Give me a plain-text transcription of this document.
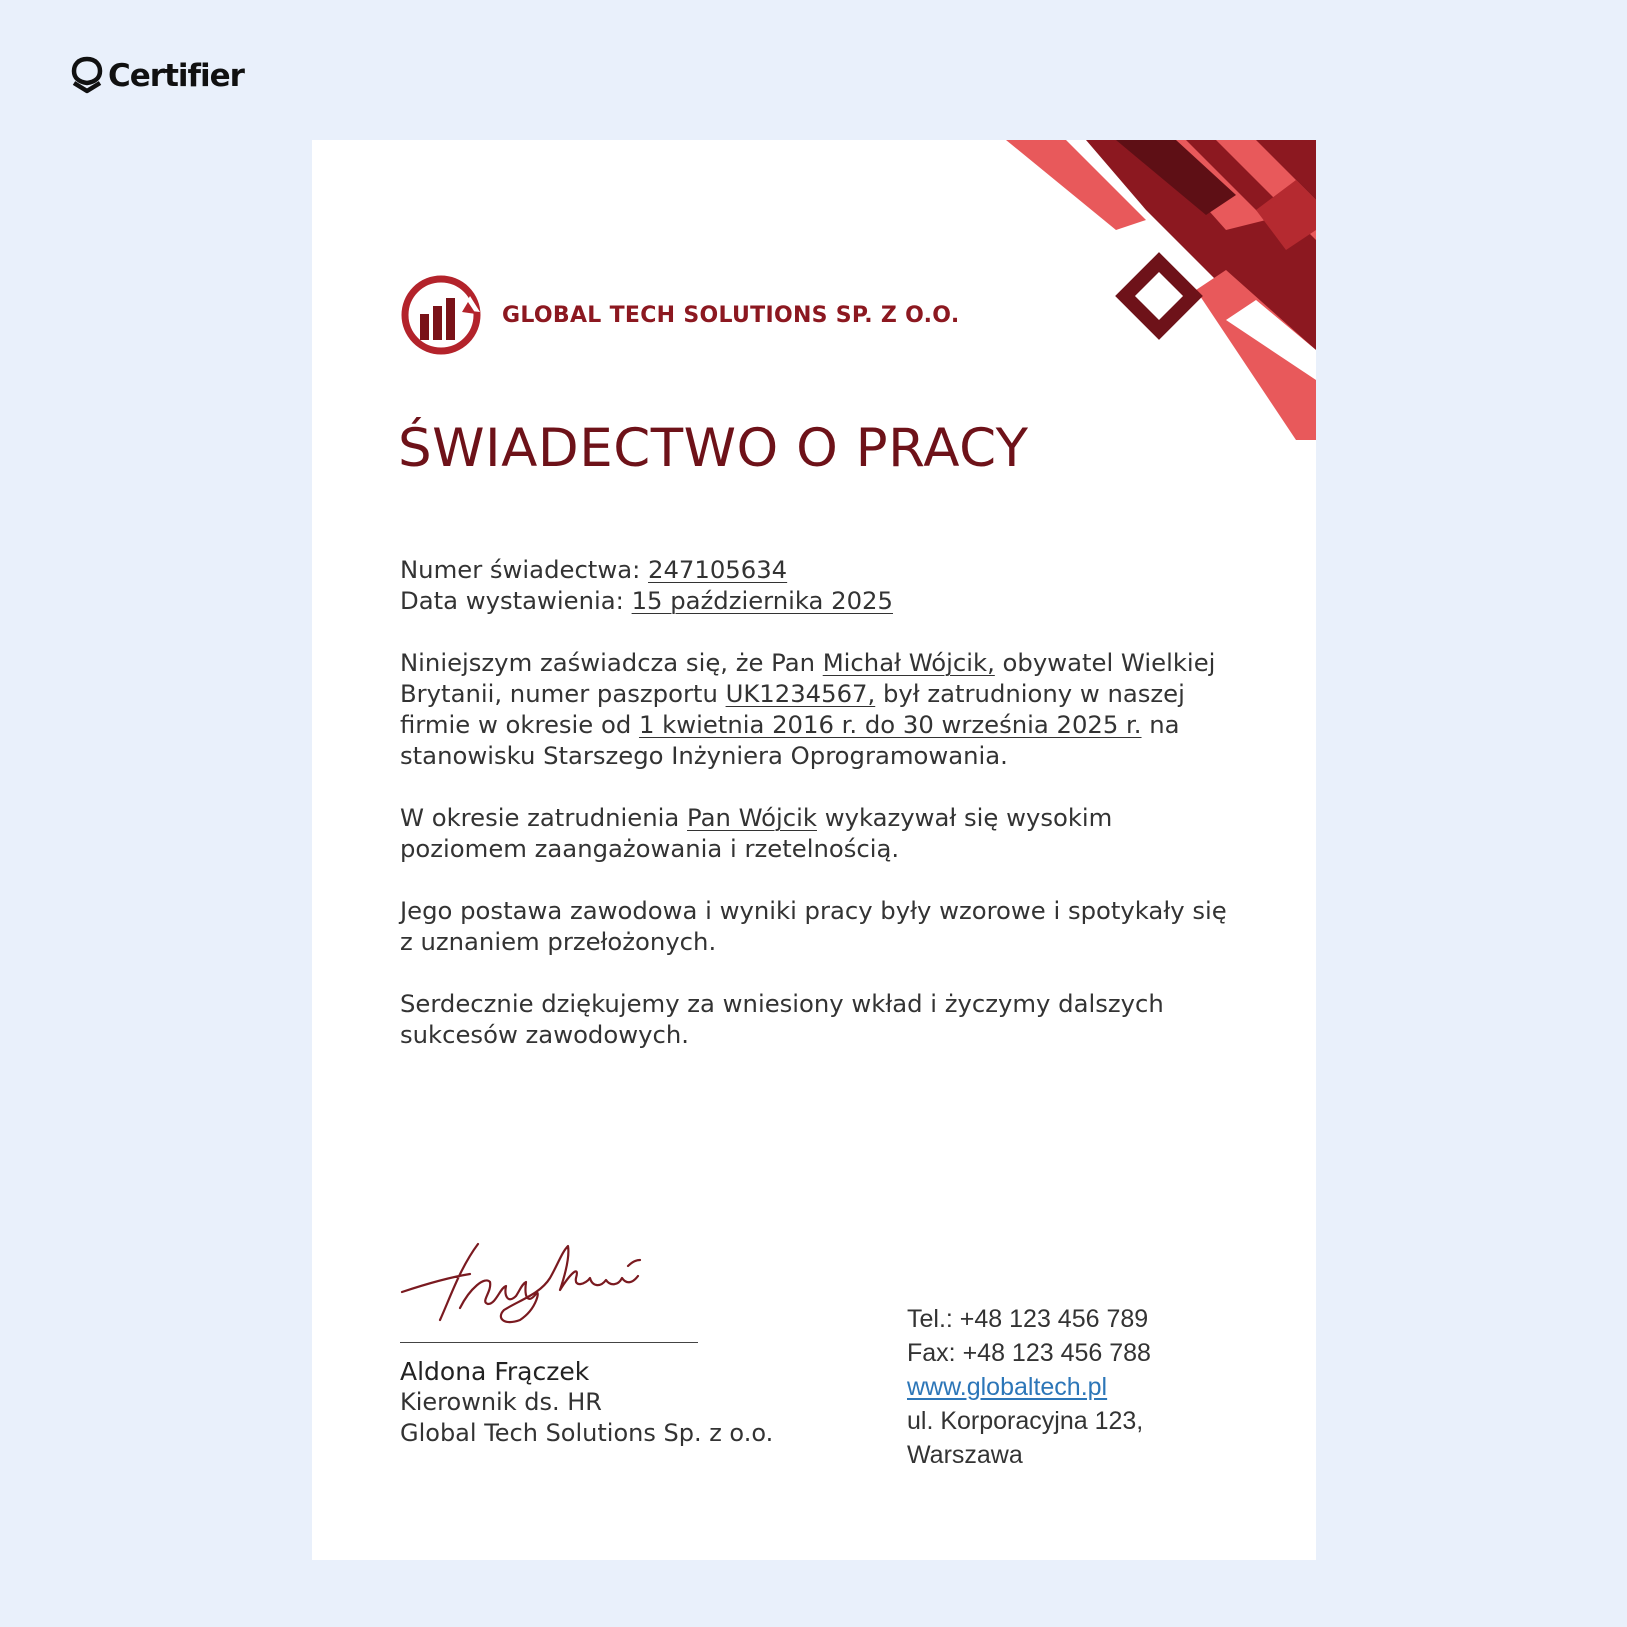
Certifier
GLOBAL TECH SOLUTIONS SP. Z O.O.
ŚWIADECTWO O PRACY

Numer świadectwa: 247105634
Data wystawienia: 15 października 2025

Niniejszym zaświadcza się, że Pan Michał Wójcik, obywatel Wielkiej Brytanii, numer paszportu UK1234567, był zatrudniony w naszej firmie w okresie od 1 kwietnia 2016 r. do 30 września 2025 r. na stanowisku Starszego Inżyniera Oprogramowania.

W okresie zatrudnienia Pan Wójcik wykazywał się wysokim poziomem zaangażowania i rzetelnością.

Jego postawa zawodowa i wyniki pracy były wzorowe i spotykały się z uznaniem przełożonych.

Serdecznie dziękujemy za wniesiony wkład i życzymy dalszych sukcesów zawodowych.

Aldona Frączek
Kierownik ds. HR
Global Tech Solutions Sp. z o.o.
Tel.: +48 123 456 789
Fax: +48 123 456 788
www.globaltech.pl
ul. Korporacyjna 123,
Warszawa
